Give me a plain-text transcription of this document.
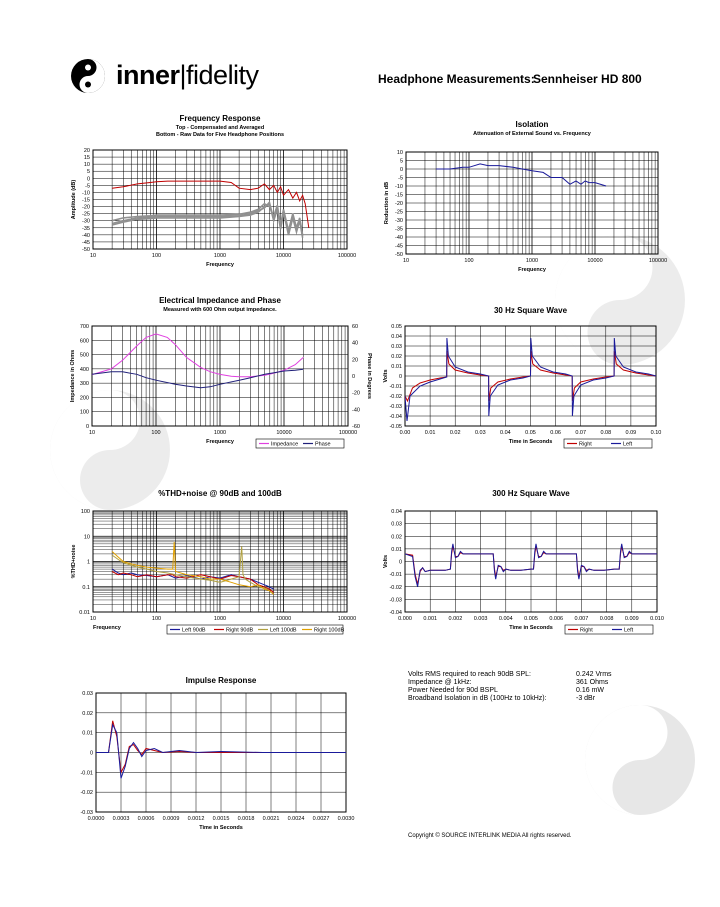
Frequency Response
Top - Compensated and Averaged
Bottom - Raw Data for Five Headphone Positions
10	100	1000	10000	100000
20
15
10
5
0
-5
-10
-15
-20
-25
-30
-35
-40
-45
-50
Frequency
Amplitude (dB)
Isolation
Attenuation of External Sound vs. Frequency
10	100	1000	10000	100000
10
5
0
-5
-10
-15
-20
-25
-30
-35
-40
-45
-50
Frequency
Reduction in dB
Electrical Impedance and Phase
Measured with 600 Ohm output impedance.
10	100	1000	10000	100000
700
600
500
400
300
200
100
0
60
40
20
0
-20
-40
-60
Frequency
Impedance in Ohms	Phase in Degrees
Impedance	Phase
30 Hz Square Wave
0.00	0.01	0.02	0.03	0.04	0.05	0.06	0.07	0.08	0.09	0.10
0.05
0.04
0.03
0.02
0.01
0
-0.01
-0.02
-0.03
-0.04
-0.05
Time in Seconds
Volts
Right	Left
%THD+noise @ 90dB and 100dB
10	100	1000	10000	100000
100
10
1
0.1
0.01
Frequency
%THD+noise
Left 90dB	Right 90dB	Left 100dB	Right 100dB
300 Hz Square Wave
0.000 0.001 0.002 0.003 0.004 0.005 0.006 0.007 0.008 0.009 0.010
0.04
0.03
0.02
0.01
0
-0.01
-0.02
-0.03
-0.04
Time in Seconds
Volts
Right	Left
Impulse Response
0.0000 0.0003 0.0006 0.0009 0.0012 0.0015 0.0018 0.0021 0.0024 0.0027 0.0030
0.03
0.02
0.01
0
-0.01
-0.02
-0.03
Time in Seconds
inner|fidelity	Headphone Measurements:
Sennheiser HD 800
Volts RMS required to reach 90dB SPL:	0.242 Vrms
Impedance @ 1kHz:	361 Ohms
Power Needed for 90d BSPL	0.16 mW
Broadband Isolation in dB (100Hz to 10kHz):	-3 dBr
Copyright © SOURCE INTERLINK MEDIA All rights reserved.
